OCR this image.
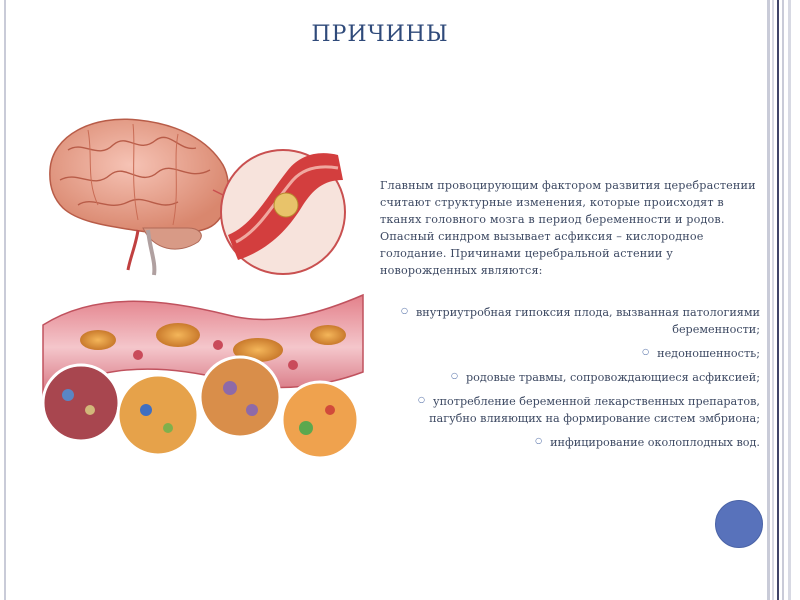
ПРИЧИНЫ
Главным провоцирующим фактором развития церебрастении считают структурные изменения, которые происходят в тканях головного мозга в период беременности и родов. Опасный синдром вызывает асфиксия – кислородное голодание. Причинами церебральной астении у новорожденных являются:
○ внутриутробная гипоксия плода, вызванная патологиями беременности;
○ недоношенность;
○ родовые травмы, сопровождающиеся асфиксией;
○ употребление беременной лекарственных препаратов, пагубно влияющих на формирование систем эмбриона;
○ инфицирование околоплодных вод.
